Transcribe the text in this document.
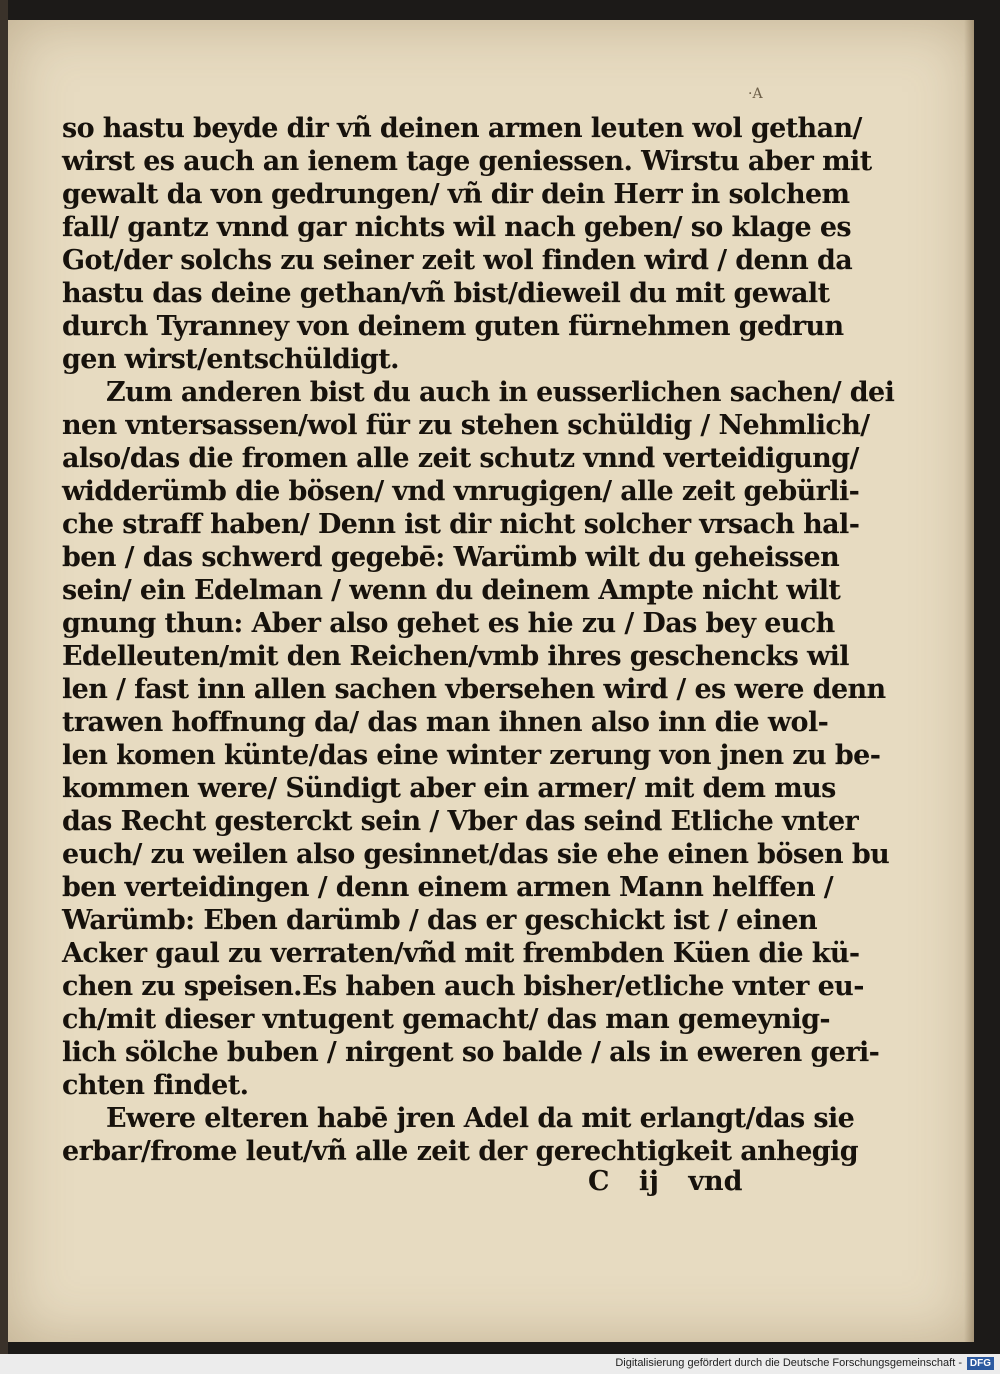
·A
so hastu beyde dir vñ deinen armen leuten wol gethan/
wirst es auch an ienem tage geniessen. Wirstu aber mit
gewalt da von gedrungen/ vñ dir dein Herr in solchem
fall/ gantz vnnd gar nichts wil nach geben/ so klage es
Got/der solchs zu seiner zeit wol finden wird / denn da
hastu das deine gethan/vñ bist/dieweil du mit gewalt
durch Tyranney von deinem guten fürnehmen gedrun
gen wirst/entschüldigt.
Zum anderen bist du auch in eusserlichen sachen/ dei
nen vntersassen/wol für zu stehen schüldig / Nehmlich/
also/das die fromen alle zeit schutz vnnd verteidigung/
widderümb die bösen/ vnd vnrugigen/ alle zeit gebürli-
che straff haben/ Denn ist dir nicht solcher vrsach hal-
ben / das schwerd gegebē: Warümb wilt du geheissen
sein/ ein Edelman / wenn du deinem Ampte nicht wilt
gnung thun: Aber also gehet es hie zu / Das bey euch
Edelleuten/mit den Reichen/vmb ihres geschencks wil
len / fast inn allen sachen vbersehen wird / es were denn
trawen hoffnung da/ das man ihnen also inn die wol-
len komen künte/das eine winter zerung von jnen zu be-
kommen were/ Sündigt aber ein armer/ mit dem mus
das Recht gesterckt sein / Vber das seind Etliche vnter
euch/ zu weilen also gesinnet/das sie ehe einen bösen bu
ben verteidingen / denn einem armen Mann helffen /
Warümb: Eben darümb / das er geschickt ist / einen
Acker gaul zu verraten/vñd mit frembden Küen die kü-
chen zu speisen.Es haben auch bisher/etliche vnter eu-
ch/mit dieser vntugent gemacht/ das man gemeynig-
lich sölche buben / nirgent so balde / als in eweren geri-
chten findet.
Ewere elteren habē jren Adel da mit erlangt/das sie
erbar/frome leut/vñ alle zeit der gerechtigkeit anhegig
C ij vnd
Digitalisierung gefördert durch die Deutsche Forschungsgemeinschaft - DFG
